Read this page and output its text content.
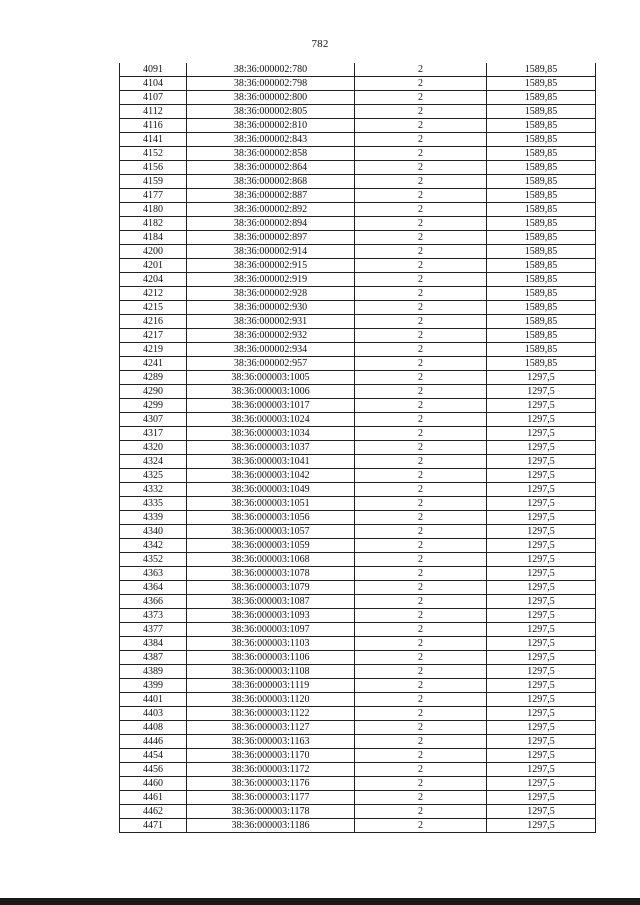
782
4091	38:36:000002:780	2	1589,85
4104	38:36:000002:798	2	1589,85
4107	38:36:000002:800	2	1589,85
4112	38:36:000002:805	2	1589,85
4116	38:36:000002:810	2	1589,85
4141	38:36:000002:843	2	1589,85
4152	38:36:000002:858	2	1589,85
4156	38:36:000002:864	2	1589,85
4159	38:36:000002:868	2	1589,85
4177	38:36:000002:887	2	1589,85
4180	38:36:000002:892	2	1589,85
4182	38:36:000002:894	2	1589,85
4184	38:36:000002:897	2	1589,85
4200	38:36:000002:914	2	1589,85
4201	38:36:000002:915	2	1589,85
4204	38:36:000002:919	2	1589,85
4212	38:36:000002:928	2	1589,85
4215	38:36:000002:930	2	1589,85
4216	38:36:000002:931	2	1589,85
4217	38:36:000002:932	2	1589,85
4219	38:36:000002:934	2	1589,85
4241	38:36:000002:957	2	1589,85
4289	38:36:000003:1005	2	1297,5
4290	38:36:000003:1006	2	1297,5
4299	38:36:000003:1017	2	1297,5
4307	38:36:000003:1024	2	1297,5
4317	38:36:000003:1034	2	1297,5
4320	38:36:000003:1037	2	1297,5
4324	38:36:000003:1041	2	1297,5
4325	38:36:000003:1042	2	1297,5
4332	38:36:000003:1049	2	1297,5
4335	38:36:000003:1051	2	1297,5
4339	38:36:000003:1056	2	1297,5
4340	38:36:000003:1057	2	1297,5
4342	38:36:000003:1059	2	1297,5
4352	38:36:000003:1068	2	1297,5
4363	38:36:000003:1078	2	1297,5
4364	38:36:000003:1079	2	1297,5
4366	38:36:000003:1087	2	1297,5
4373	38:36:000003:1093	2	1297,5
4377	38:36:000003:1097	2	1297,5
4384	38:36:000003:1103	2	1297,5
4387	38:36:000003:1106	2	1297,5
4389	38:36:000003:1108	2	1297,5
4399	38:36:000003:1119	2	1297,5
4401	38:36:000003:1120	2	1297,5
4403	38:36:000003:1122	2	1297,5
4408	38:36:000003:1127	2	1297,5
4446	38:36:000003:1163	2	1297,5
4454	38:36:000003:1170	2	1297,5
4456	38:36:000003:1172	2	1297,5
4460	38:36:000003:1176	2	1297,5
4461	38:36:000003:1177	2	1297,5
4462	38:36:000003:1178	2	1297,5
4471	38:36:000003:1186	2	1297,5
